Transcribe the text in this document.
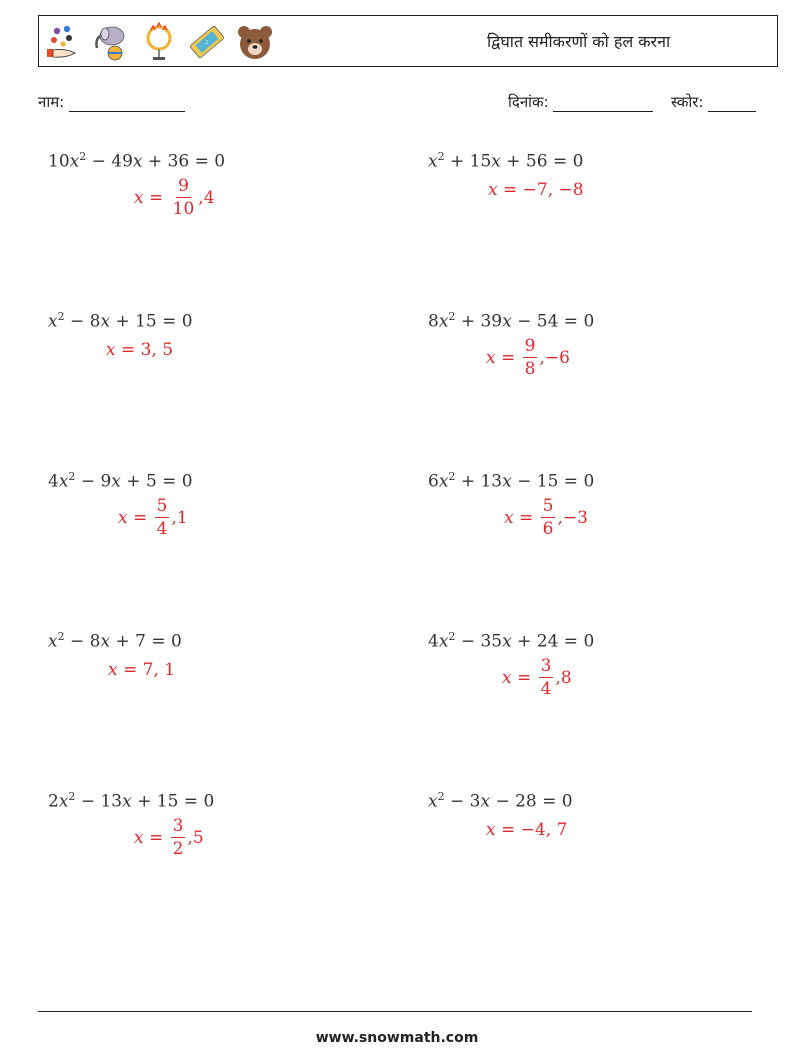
द्विघात समीकरणों को हल करना
नाम:	दिनांक:	स्कोर:
$10x^2 - 49x + 36 = 0$
$x = \frac{9}{10} ,4$
$x^2 + 15x + 56 = 0$
x = −7, −8
$x^2 - 8x + 15 = 0$
x = 3, 5
$8x^2 + 39x - 54 = 0$
$x = \frac{9}{8} ,-6$
$4x^2 - 9x + 5 = 0$
$x = \frac{5}{4} ,1$
$6x^2 + 13x - 15 = 0$
$x = \frac{5}{6} ,-3$
$x^2 - 8x + 7 = 0$
x = 7, 1
$4x^2 - 35x + 24 = 0$
$x = \frac{3}{4} ,8$
$2x^2 - 13x + 15 = 0$
$x = \frac{3}{2} ,5$
$x^2 - 3x - 28 = 0$
x = −4, 7
www.snowmath.com
